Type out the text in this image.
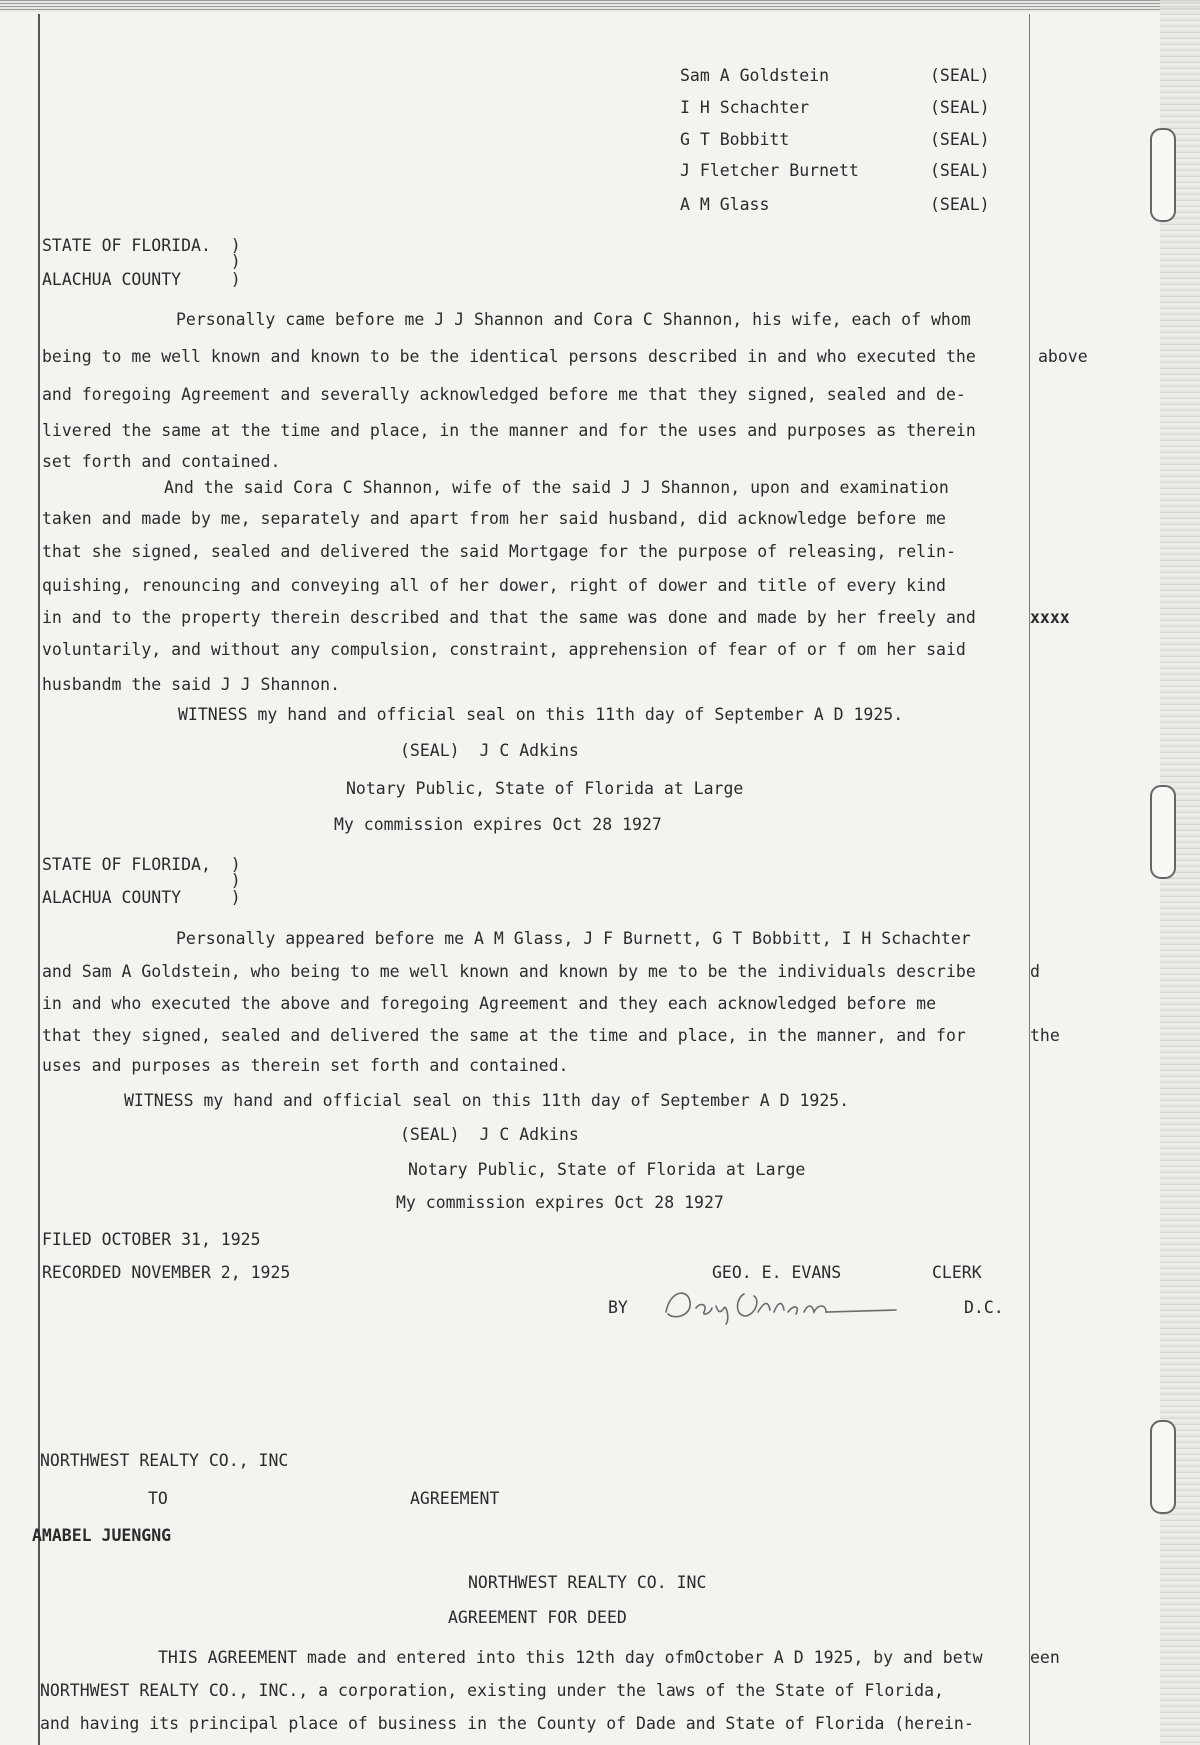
Sam A Goldstein	(SEAL)
I H Schachter	(SEAL)
G T Bobbitt	(SEAL)
J Fletcher Burnett	(SEAL)
A M Glass	(SEAL)
STATE OF FLORIDA.  )
)
ALACHUA COUNTY     )
Personally came before me J J Shannon and Cora C Shannon, his wife, each of whom
being to me well known and known to be the identical persons described in and who executed the	above
and foregoing Agreement and severally acknowledged before me that they signed, sealed and de-
livered the same at the time and place, in the manner and for the uses and purposes as therein
set forth and contained.
And the said Cora C Shannon, wife of the said J J Shannon, upon and examination
taken and made by me, separately and apart from her said husband, did acknowledge before me
that she signed, sealed and delivered the said Mortgage for the purpose of releasing, relin-
quishing, renouncing and conveying all of her dower, right of dower and title of every kind
in and to the property therein described and that the same was done and made by her freely and	xxxx
voluntarily, and without any compulsion, constraint, apprehension of fear of or f om her said
husbandm the said J J Shannon.
WITNESS my hand and official seal on this 11th day of September A D 1925.
(SEAL)  J C Adkins
Notary Public, State of Florida at Large
My commission expires Oct 28 1927
STATE OF FLORIDA,  )
)
ALACHUA COUNTY     )
Personally appeared before me A M Glass, J F Burnett, G T Bobbitt, I H Schachter
and Sam A Goldstein, who being to me well known and known by me to be the individuals describe	d
in and who executed the above and foregoing Agreement and they each acknowledged before me
that they signed, sealed and delivered the same at the time and place, in the manner, and for	the
uses and purposes as therein set forth and contained.
WITNESS my hand and official seal on this 11th day of September A D 1925.
(SEAL)  J C Adkins
Notary Public, State of Florida at Large
My commission expires Oct 28 1927
FILED OCTOBER 31, 1925
RECORDED NOVEMBER 2, 1925	GEO. E. EVANS	CLERK
BY	D.C.
NORTHWEST REALTY CO., INC
TO	AGREEMENT
AMABEL JUENGNG
NORTHWEST REALTY CO. INC
AGREEMENT FOR DEED
THIS AGREEMENT made and entered into this 12th day ofmOctober A D 1925, by and betw	een
NORTHWEST REALTY CO., INC., a corporation, existing under the laws of the State of Florida,
and having its principal place of business in the County of Dade and State of Florida (herein-
